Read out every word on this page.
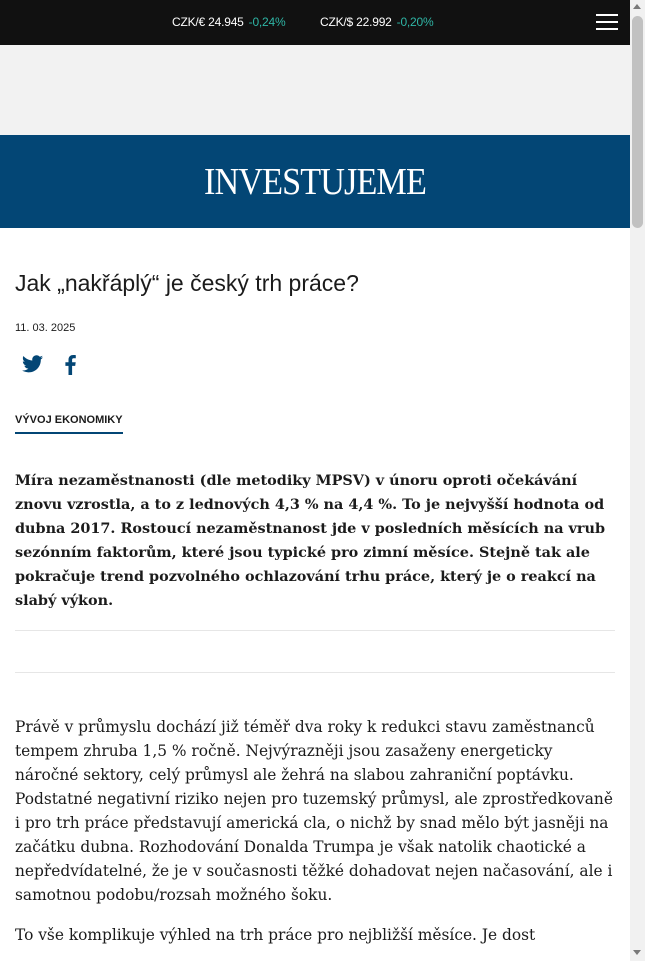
CZK/€ 24.945 -0,24%	CZK/$ 22.992 -0,20%
INVESTUJEME
Jak „nakřáplý“ je český trh práce?
11. 03. 2025
VÝVOJ EKONOMIKY
Míra nezaměstnanosti (dle metodiky MPSV) v únoru oproti očekávání znovu vzrostla, a to z lednových 4,3 % na 4,4 %. To je nejvyšší hodnota od dubna 2017. Rostoucí nezaměstnanost jde v posledních měsících na vrub sezónním faktorům, které jsou typické pro zimní měsíce. Stejně tak ale pokračuje trend pozvolného ochlazování trhu práce, který je o reakcí na slabý výkon.

Právě v průmyslu dochází již téměř dva roky k redukci stavu zaměstnanců tempem zhruba 1,5 % ročně. Nejvýrazněji jsou zasaženy energeticky náročné sektory, celý průmysl ale žehrá na slabou zahraniční poptávku. Podstatné negativní riziko nejen pro tuzemský průmysl, ale zprostředkovaně i pro trh práce představují americká cla, o nichž by snad mělo být jasněji na začátku dubna. Rozhodování Donalda Trumpa je však natolik chaotické a nepředvídatelné, že je v současnosti těžké dohadovat nejen načasování, ale i samotnou podobu/rozsah možného šoku.

To vše komplikuje výhled na trh práce pro nejbližší měsíce. Je dost
